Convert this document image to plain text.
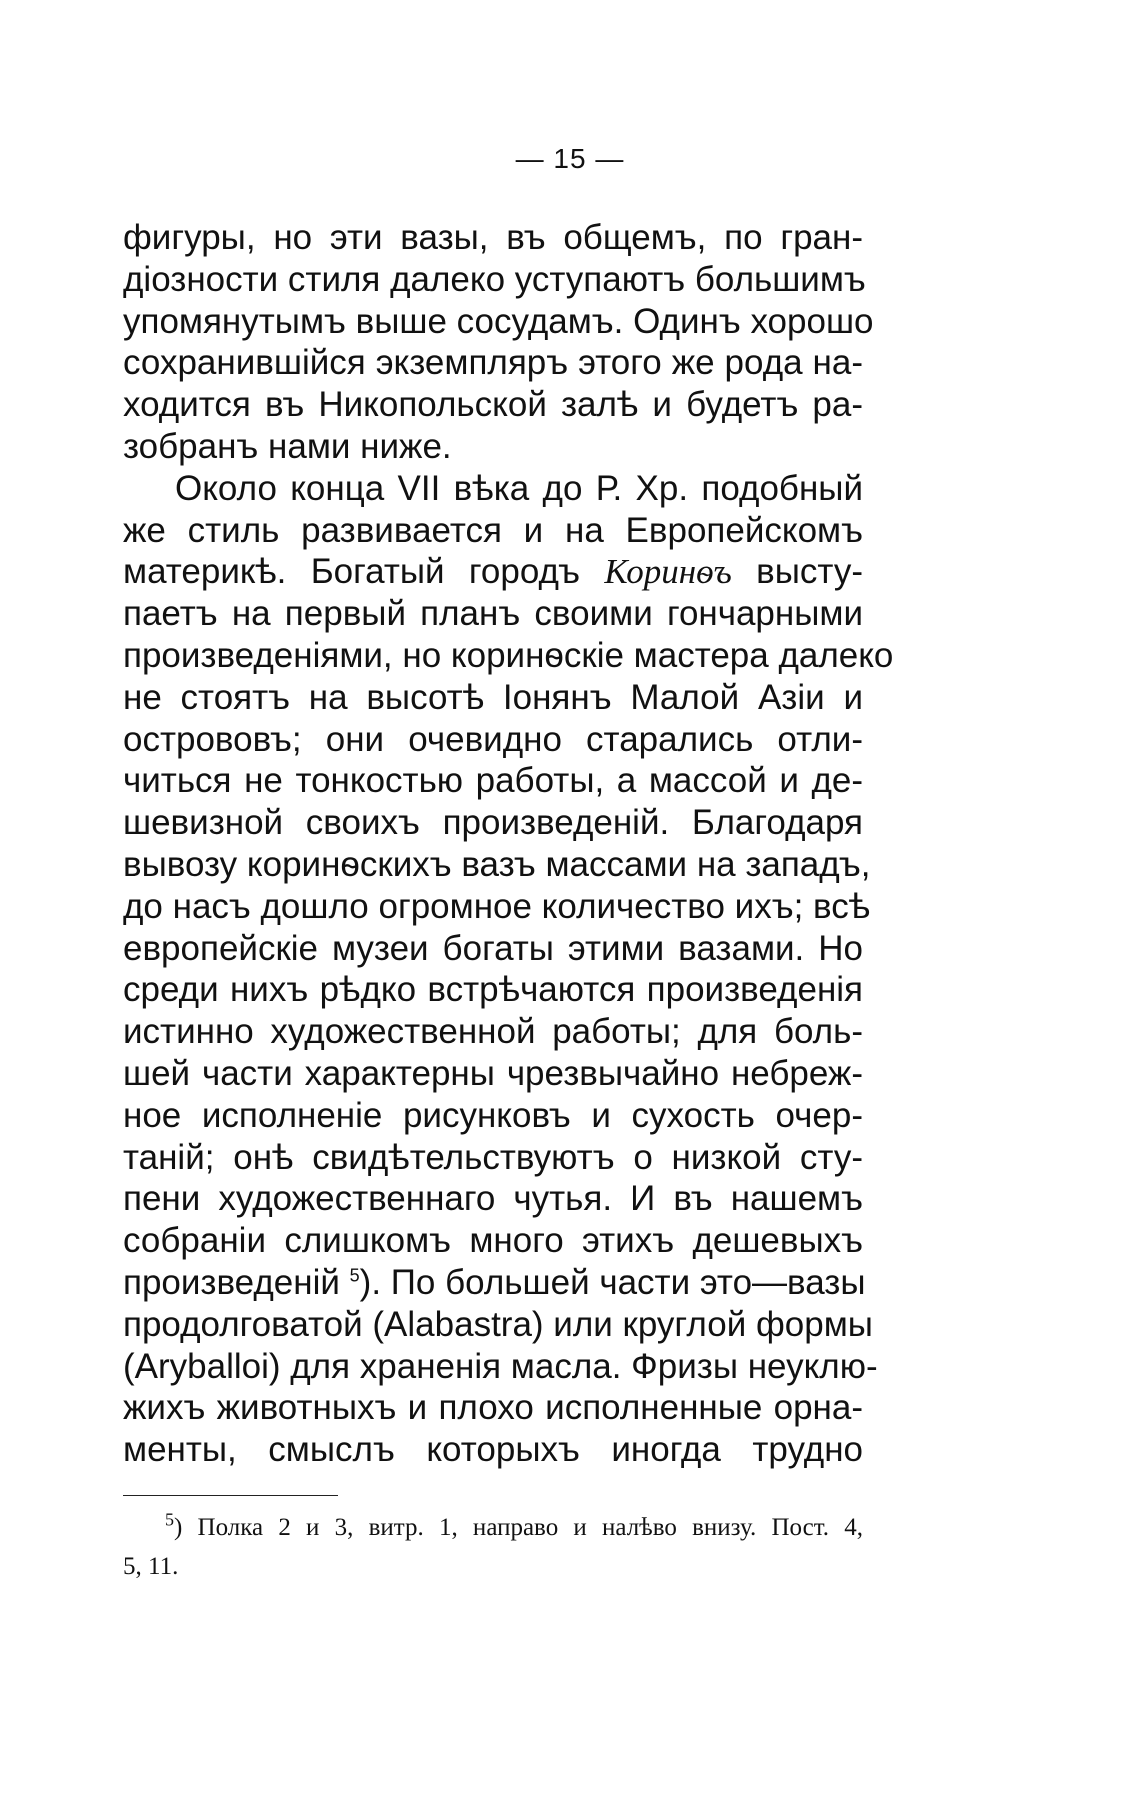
— 15 —
фигуры, но эти вазы, въ общемъ, по гран-
діозности стиля далеко уступаютъ большимъ
упомянутымъ выше сосудамъ. Одинъ хорошо
сохранившійся экземпляръ этого же рода на-
ходится въ Никопольской залѣ и будетъ ра-
зобранъ нами ниже.
Около конца VII вѣка до Р. Хр. подобный
же стиль развивается и на Европейскомъ
материкѣ. Богатый городъ Коринѳъ высту-
паетъ на первый планъ своими гончарными
произведеніями, но коринѳскіе мастера далеко
не стоятъ на высотѣ Іонянъ Малой Азіи и
острововъ; они очевидно старались отли-
читься не тонкостью работы, а массой и де-
шевизной своихъ произведеній. Благодаря
вывозу коринѳскихъ вазъ массами на западъ,
до насъ дошло огромное количество ихъ; всѣ
европейскіе музеи богаты этими вазами. Но
среди нихъ рѣдко встрѣчаются произведенія
истинно художественной работы; для боль-
шей части характерны чрезвычайно небреж-
ное исполненіе рисунковъ и сухость очер-
таній; онѣ свидѣтельствуютъ о низкой сту-
пени художественнаго чутья. И въ нашемъ
собраніи слишкомъ много этихъ дешевыхъ
произведеній $^5$). По большей части это—вазы
продолговатой (Alabastra) или круглой формы
(Aryballoi) для храненія масла. Фризы неуклю-
жихъ животныхъ и плохо исполненные орна-
менты, смыслъ которыхъ иногда трудно
$^5$) Полка 2 и 3, витр. 1, направо и налѣво внизу. Пост. 4,
5, 11.
